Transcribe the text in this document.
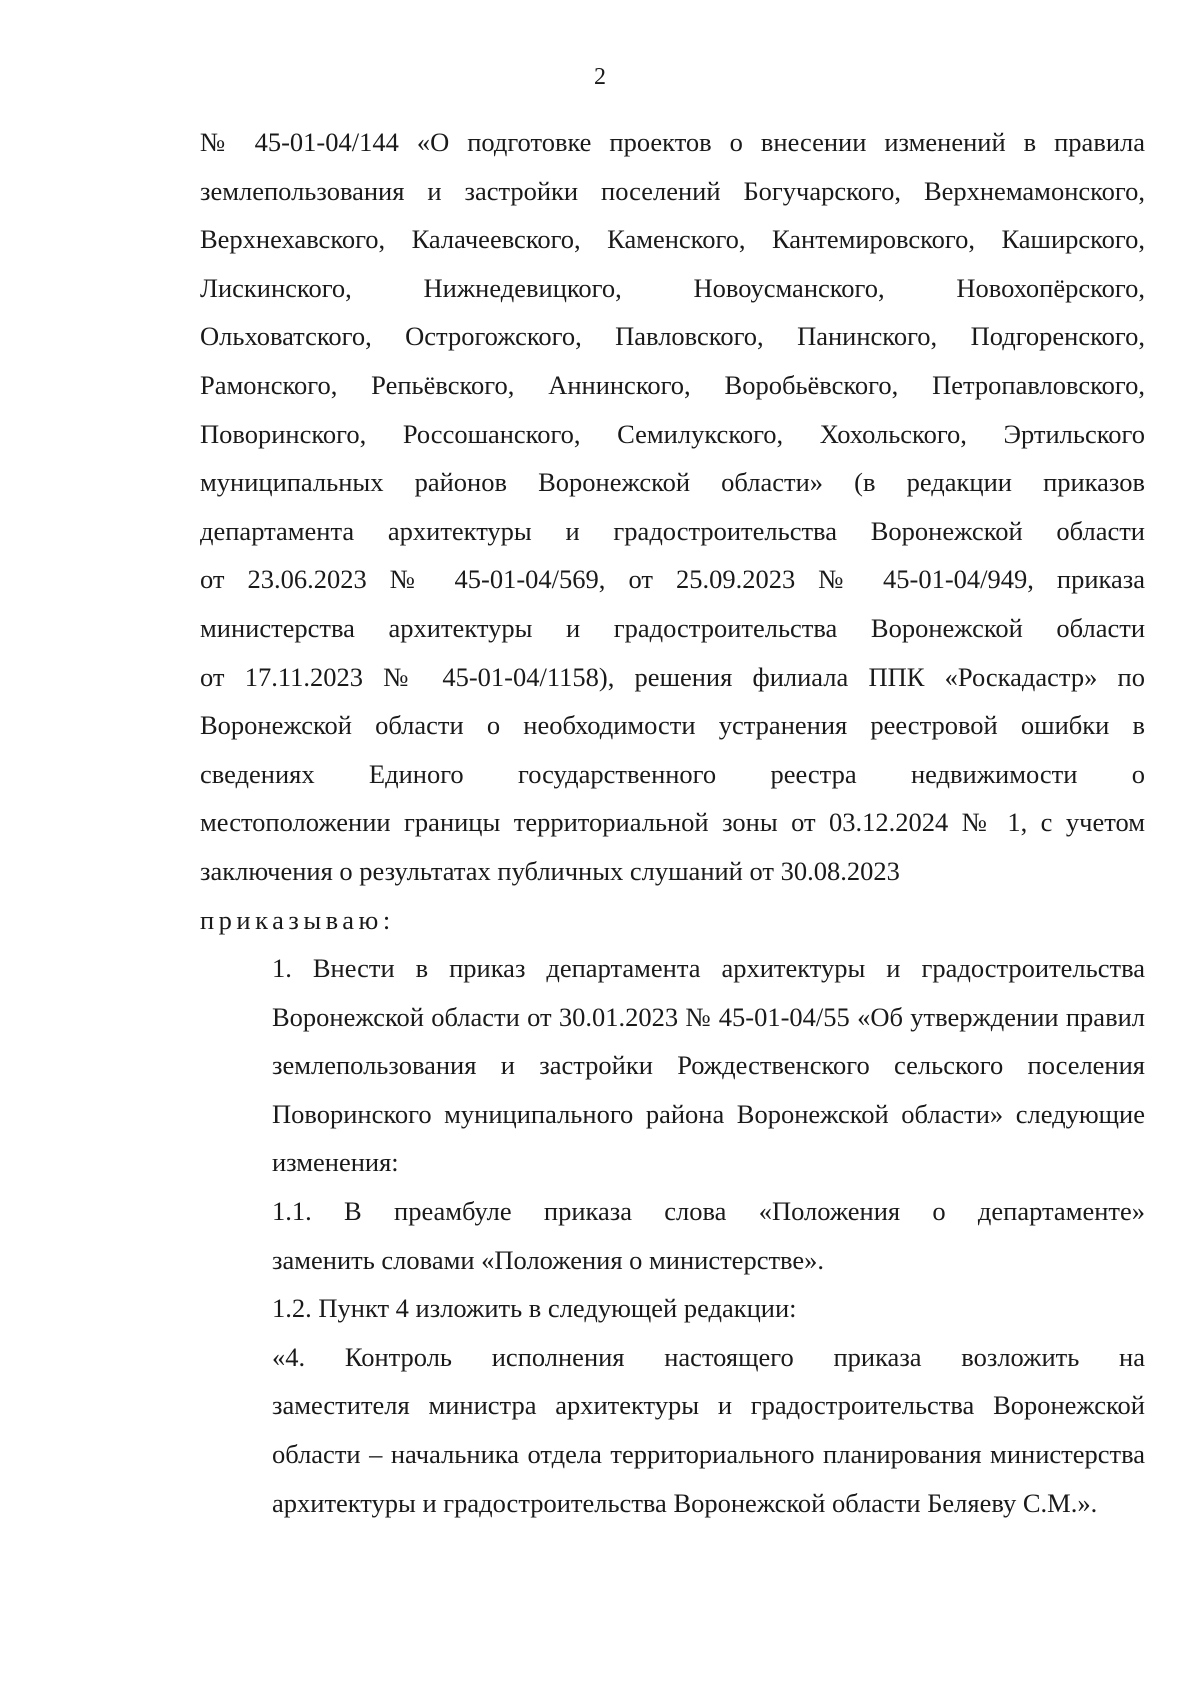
2

№ 45-01-04/144 «О подготовке проектов о внесении изменений в правила
землепользования и застройки поселений Богучарского, Верхнемамонского,
Верхнехавского, Калачеевского, Каменского, Кантемировского, Каширского,
Лискинского, Нижнедевицкого, Новоусманского, Новохопёрского,
Ольховатского, Острогожского, Павловского, Панинского, Подгоренского,
Рамонского, Репьёвского, Аннинского, Воробьёвского, Петропавловского,
Поворинского, Россошанского, Семилукского, Хохольского, Эртильского
муниципальных районов Воронежской области» (в редакции приказов
департамента архитектуры и градостроительства Воронежской области
от 23.06.2023 № 45-01-04/569, от 25.09.2023 № 45-01-04/949, приказа
министерства архитектуры и градостроительства Воронежской области
от 17.11.2023 № 45-01-04/1158), решения филиала ППК «Роскадастр» по
Воронежской области о необходимости устранения реестровой ошибки в
сведениях Единого государственного реестра недвижимости о
местоположении границы территориальной зоны от 03.12.2024 № 1, с учетом
заключения о результатах публичных слушаний от 30.08.2023

приказываю:

1. Внести в приказ департамента архитектуры и градостроительства
Воронежской области от 30.01.2023 № 45-01-04/55 «Об утверждении правил
землепользования и застройки Рождественского сельского поселения
Поворинского муниципального района Воронежской области» следующие
изменения:

1.1. В преамбуле приказа слова «Положения о департаменте»
заменить словами «Положения о министерстве».

1.2. Пункт 4 изложить в следующей редакции:

«4. Контроль исполнения настоящего приказа возложить на
заместителя министра архитектуры и градостроительства Воронежской
области – начальника отдела территориального планирования министерства
архитектуры и градостроительства Воронежской области Беляеву С.М.».
